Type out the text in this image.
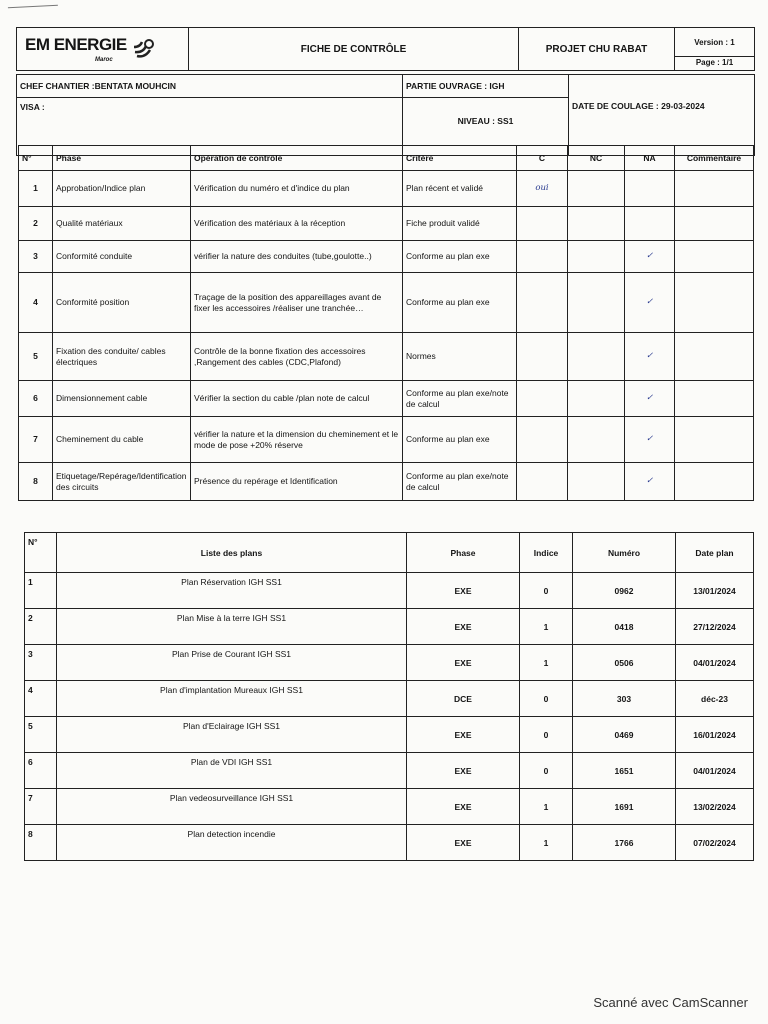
EM ENERGIE
Maroc
	FICHE DE CONTRÔLE	PROJET CHU RABAT	
Version : 1
Page : 1/1
CHEF CHANTIER :BENTATA MOUHCIN	PARTIE OUVRAGE : IGH	DATE DE COULAGE : 29-03-2024
VISA :	NIVEAU : SS1	
N°	Phase	Opération de contrôle	Critère	C	NC	NA	Commentaire
1	Approbation/Indice plan	Vérification du numéro et d'indice du plan	Plan récent et validé	oui			
2	Qualité matériaux	Vérification des matériaux à la réception	Fiche produit validé				
3	Conformité conduite	vérifier la nature des conduites (tube,goulotte..)	Conforme au plan exe			✓	
4	Conformité position	Traçage de la position des appareillages avant de fixer les accessoires /réaliser une tranchée…	Conforme au plan exe			✓	
5	Fixation des conduite/ cables électriques	Contrôle de la bonne fixation des accessoires ,Rangement des cables (CDC,Plafond)	Normes			✓	
6	Dimensionnement cable	Vérifier la section du cable /plan note de calcul	Conforme au plan exe/note de calcul			✓	
7	Cheminement du cable	vérifier la nature et la dimension du cheminement et le mode de pose +20% réserve	Conforme au plan exe			✓	
8	Etiquetage/Repérage/Identification des circuits	Présence du repérage et Identification	Conforme au plan exe/note de calcul			✓	
N°	Liste des plans	Phase	Indice	Numéro	Date plan
1	Plan Réservation IGH SS1	EXE	0	0962	13/01/2024
2	Plan Mise à la terre IGH SS1	EXE	1	0418	27/12/2024
3	Plan Prise de Courant IGH SS1	EXE	1	0506	04/01/2024
4	Plan d'implantation Mureaux IGH SS1	DCE	0	303	déc-23
5	Plan d'Eclairage IGH SS1	EXE	0	0469	16/01/2024
6	Plan de VDI IGH SS1	EXE	0	1651	04/01/2024
7	Plan vedeosurveillance IGH SS1	EXE	1	1691	13/02/2024
8	Plan detection incendie	EXE	1	1766	07/02/2024
Scanné avec CamScanner
